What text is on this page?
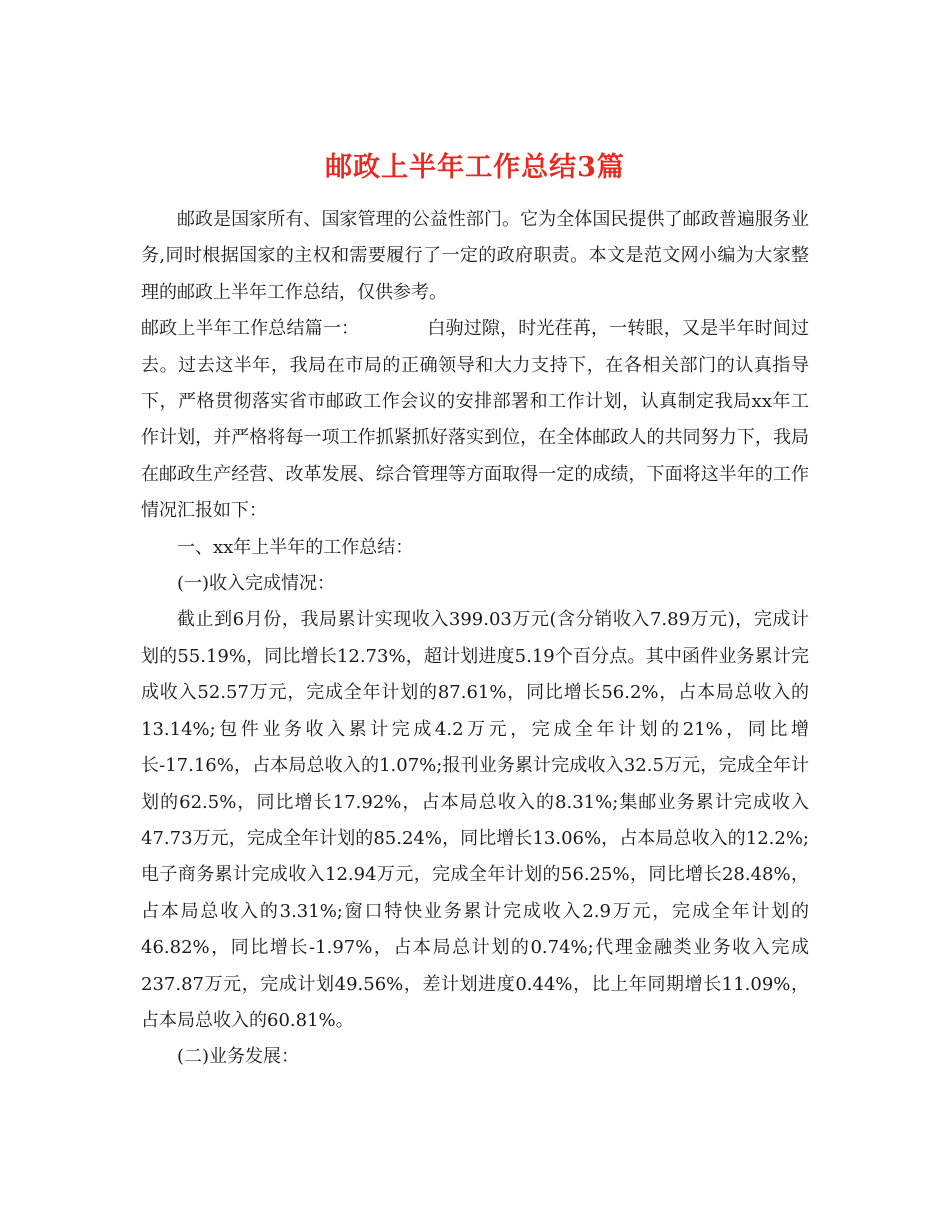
邮政上半年工作总结3篇

邮政是国家所有、国家管理的公益性部门。它为全体国民提供了邮政普遍服务业务,同时根据国家的主权和需要履行了一定的政府职责。本文是范文网小编为大家整理的邮政上半年工作总结，仅供参考。

邮政上半年工作总结篇一：	白驹过隙，时光荏苒，一转眼，又是半年时间过去。过去这半年，我局在市局的正确领导和大力支持下，在各相关部门的认真指导下，严格贯彻落实省市邮政工作会议的安排部署和工作计划，认真制定我局xx年工作计划，并严格将每一项工作抓紧抓好落实到位，在全体邮政人的共同努力下，我局在邮政生产经营、改革发展、综合管理等方面取得一定的成绩，下面将这半年的工作情况汇报如下：

一、xx年上半年的工作总结：

(一)收入完成情况：

截止到6月份，我局累计实现收入399.03万元(含分销收入7.89万元)，完成计划的55.19%，同比增长12.73%，超计划进度5.19个百分点。其中函件业务累计完成收入52.57万元，完成全年计划的87.61%，同比增长56.2%，占本局总收入的13.14%;包件业务收入累计完成4.2万元，完成全年计划的21%，同比增长-17.16%，占本局总收入的1.07%;报刊业务累计完成收入32.5万元，完成全年计划的62.5%，同比增长17.92%，占本局总收入的8.31%;集邮业务累计完成收入47.73万元，完成全年计划的85.24%，同比增长13.06%，占本局总收入的12.2%;电子商务累计完成收入12.94万元，完成全年计划的56.25%，同比增长28.48%，占本局总收入的3.31%;窗口特快业务累计完成收入2.9万元，完成全年计划的46.82%，同比增长-1.97%，占本局总计划的0.74%;代理金融类业务收入完成237.87万元，完成计划49.56%，差计划进度0.44%，比上年同期增长11.09%，占本局总收入的60.81%。

(二)业务发展：
